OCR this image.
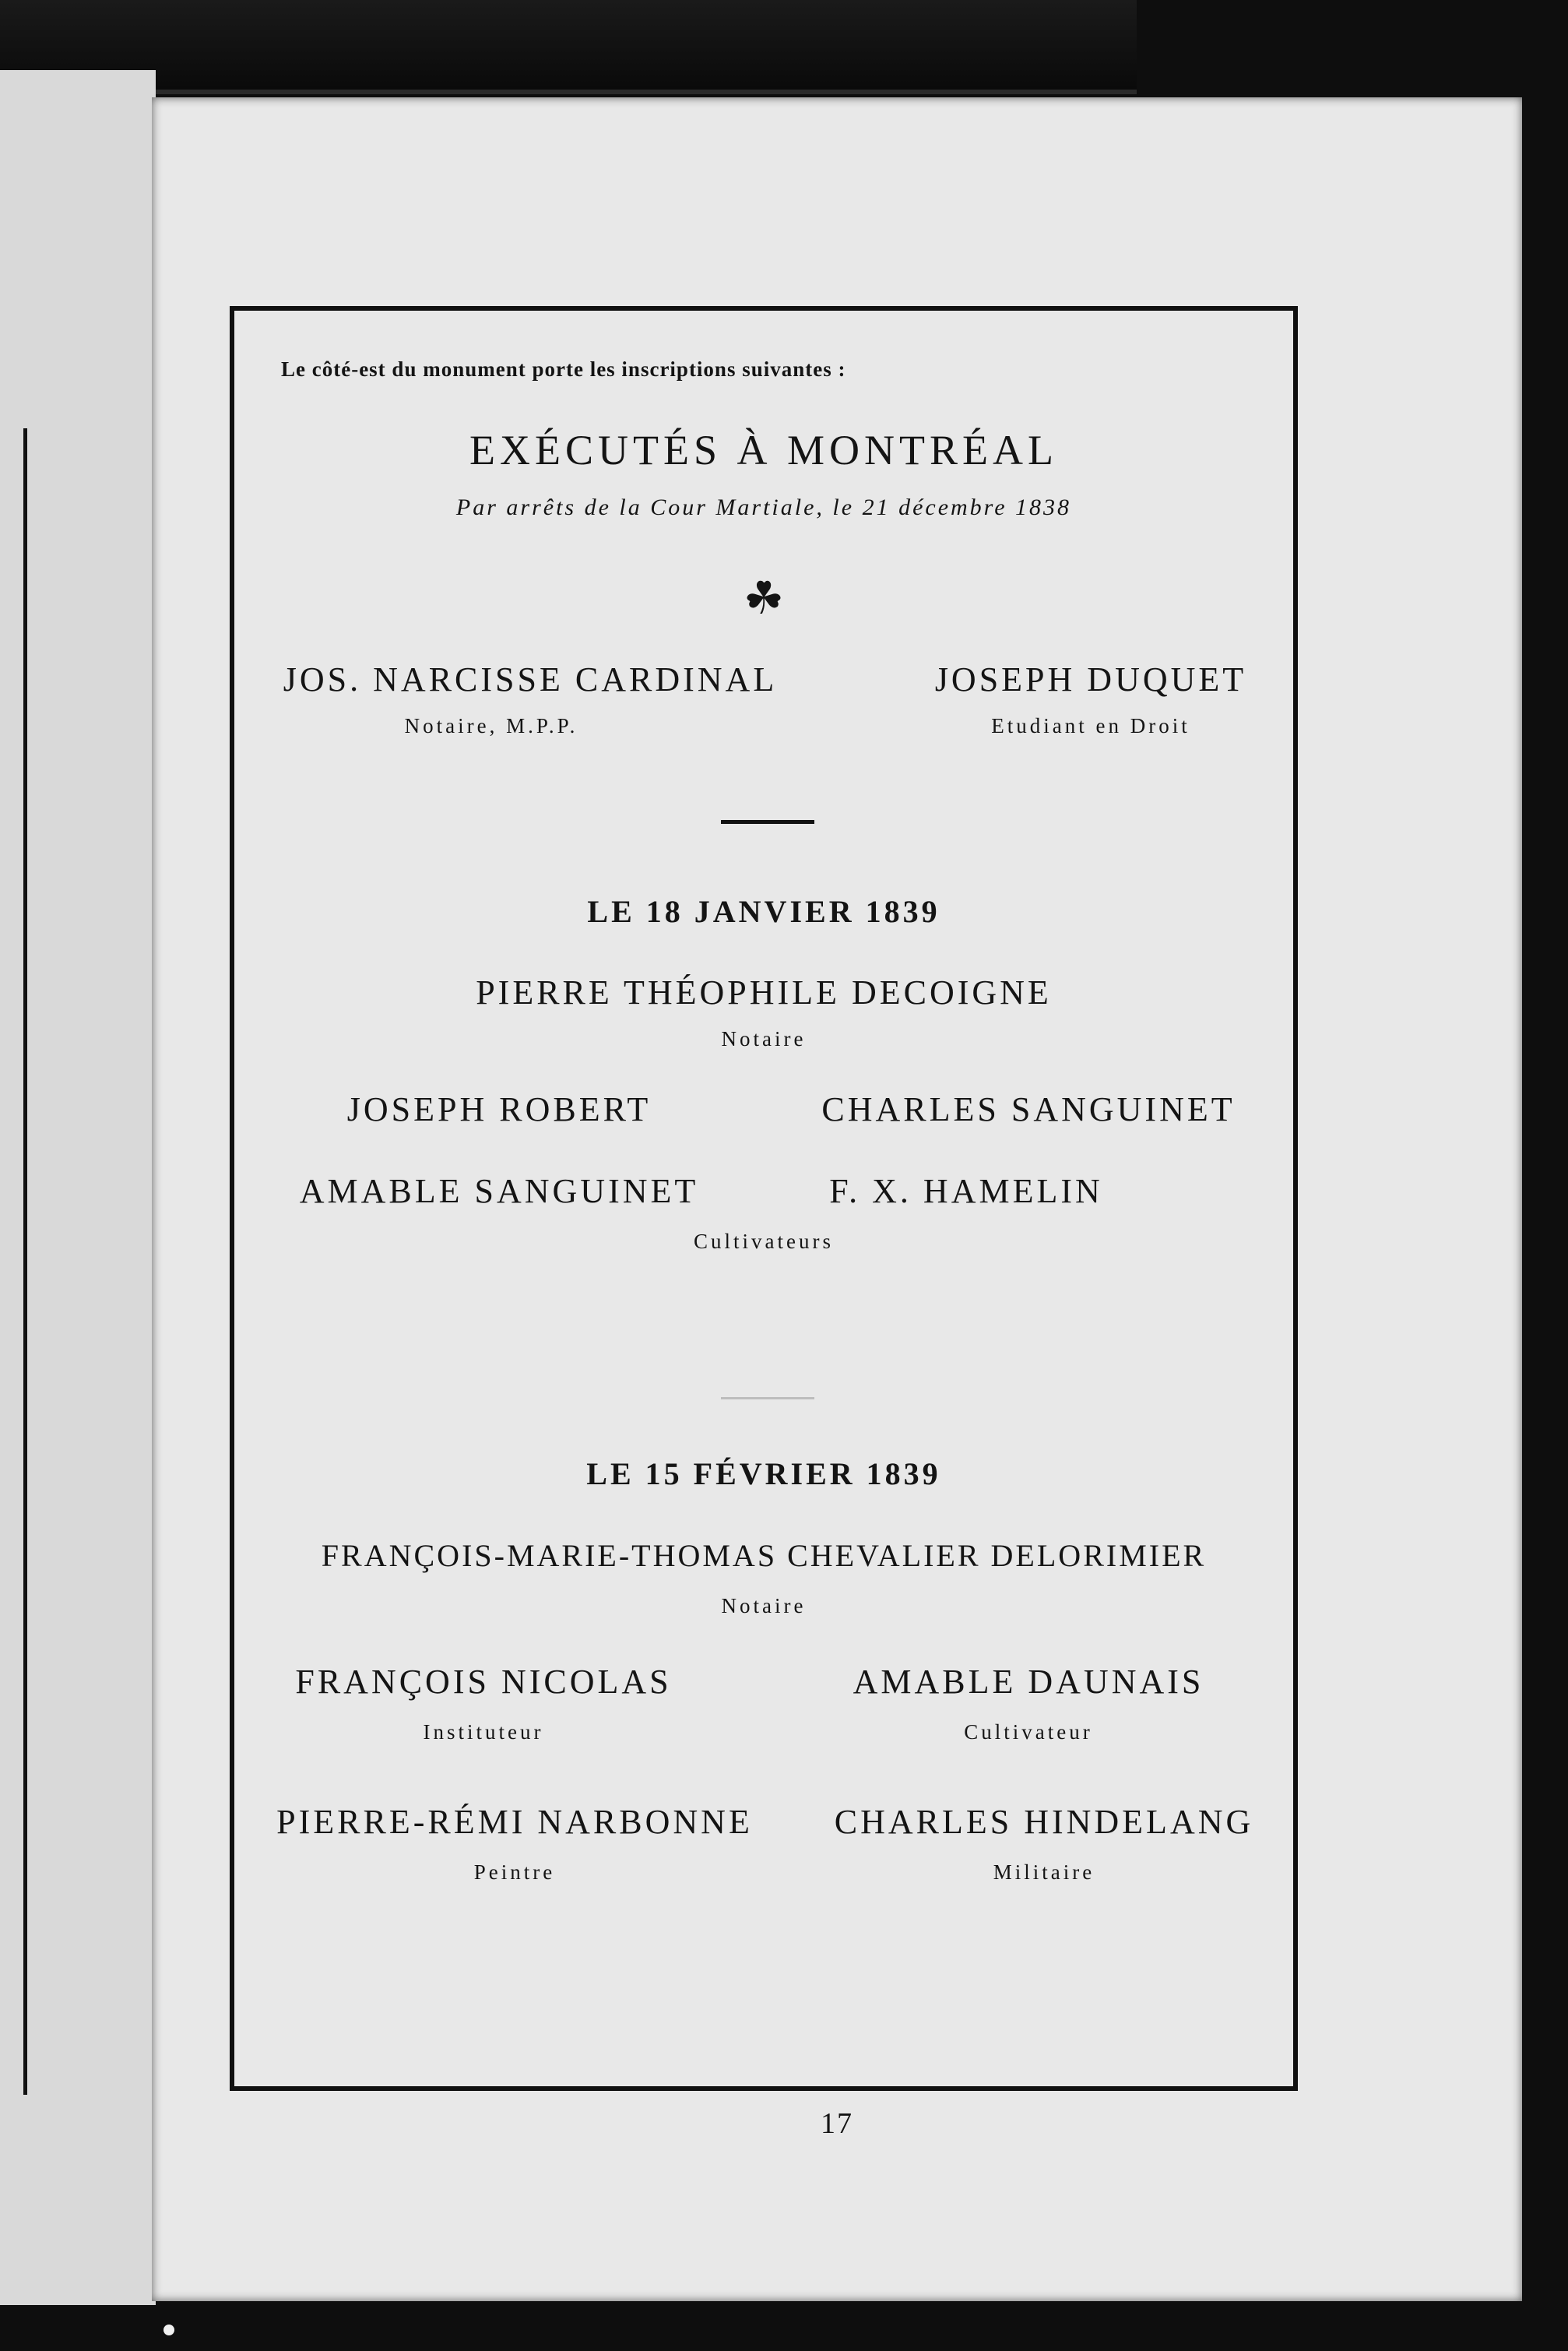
Le côté-est du monument porte les inscriptions suivantes :
EXÉCUTÉS À MONTRÉAL
Par arrêts de la Cour Martiale, le 21 décembre 1838
☘
JOS. NARCISSE CARDINAL
Notaire, M.P.P.
JOSEPH DUQUET
Etudiant en Droit
LE 18 JANVIER 1839
PIERRE THÉOPHILE DECOIGNE
Notaire
JOSEPH ROBERT	CHARLES SANGUINET
AMABLE SANGUINET	F. X. HAMELIN
Cultivateurs
LE 15 FÉVRIER 1839
FRANÇOIS-MARIE-THOMAS CHEVALIER DELORIMIER
Notaire
FRANÇOIS NICOLAS
Instituteur
AMABLE DAUNAIS
Cultivateur
PIERRE-RÉMI NARBONNE
Peintre
CHARLES HINDELANG
Militaire
17
